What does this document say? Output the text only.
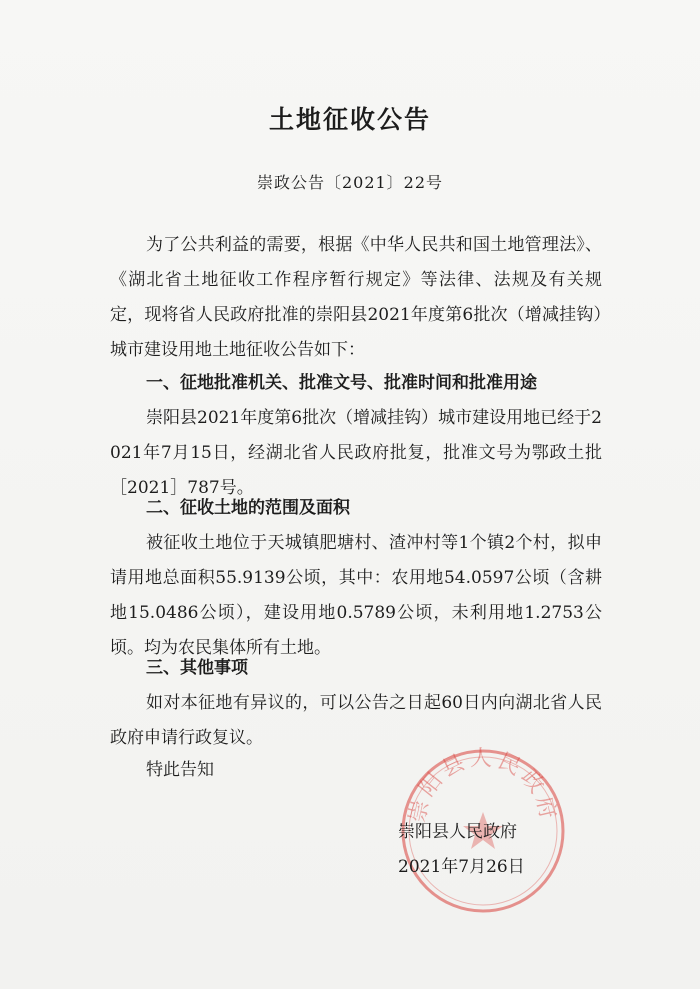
土地征收公告
崇政公告〔2021〕22号

为了公共利益的需要，根据《中华人民共和国土地管理法》、《湖北省土地征收工作程序暂行规定》等法律、法规及有关规定，现将省人民政府批准的崇阳县2021年度第6批次（增减挂钩）城市建设用地土地征收公告如下：

一、征地批准机关、批准文号、批准时间和批准用途

崇阳县2021年度第6批次（增减挂钩）城市建设用地已经于2021年7月15日，经湖北省人民政府批复，批准文号为鄂政土批［2021］787号。

二、征收土地的范围及面积

被征收土地位于天城镇肥塘村、渣冲村等1个镇2个村，拟申请用地总面积55.9139公顷，其中：农用地54.0597公顷（含耕地15.0486公顷），建设用地0.5789公顷，未利用地1.2753公顷。均为农民集体所有土地。

三、其他事项

如对本征地有异议的，可以公告之日起60日内向湖北省人民政府申请行政复议。

特此告知
崇阳县人民政府
崇阳县人民政府
2021年7月26日
